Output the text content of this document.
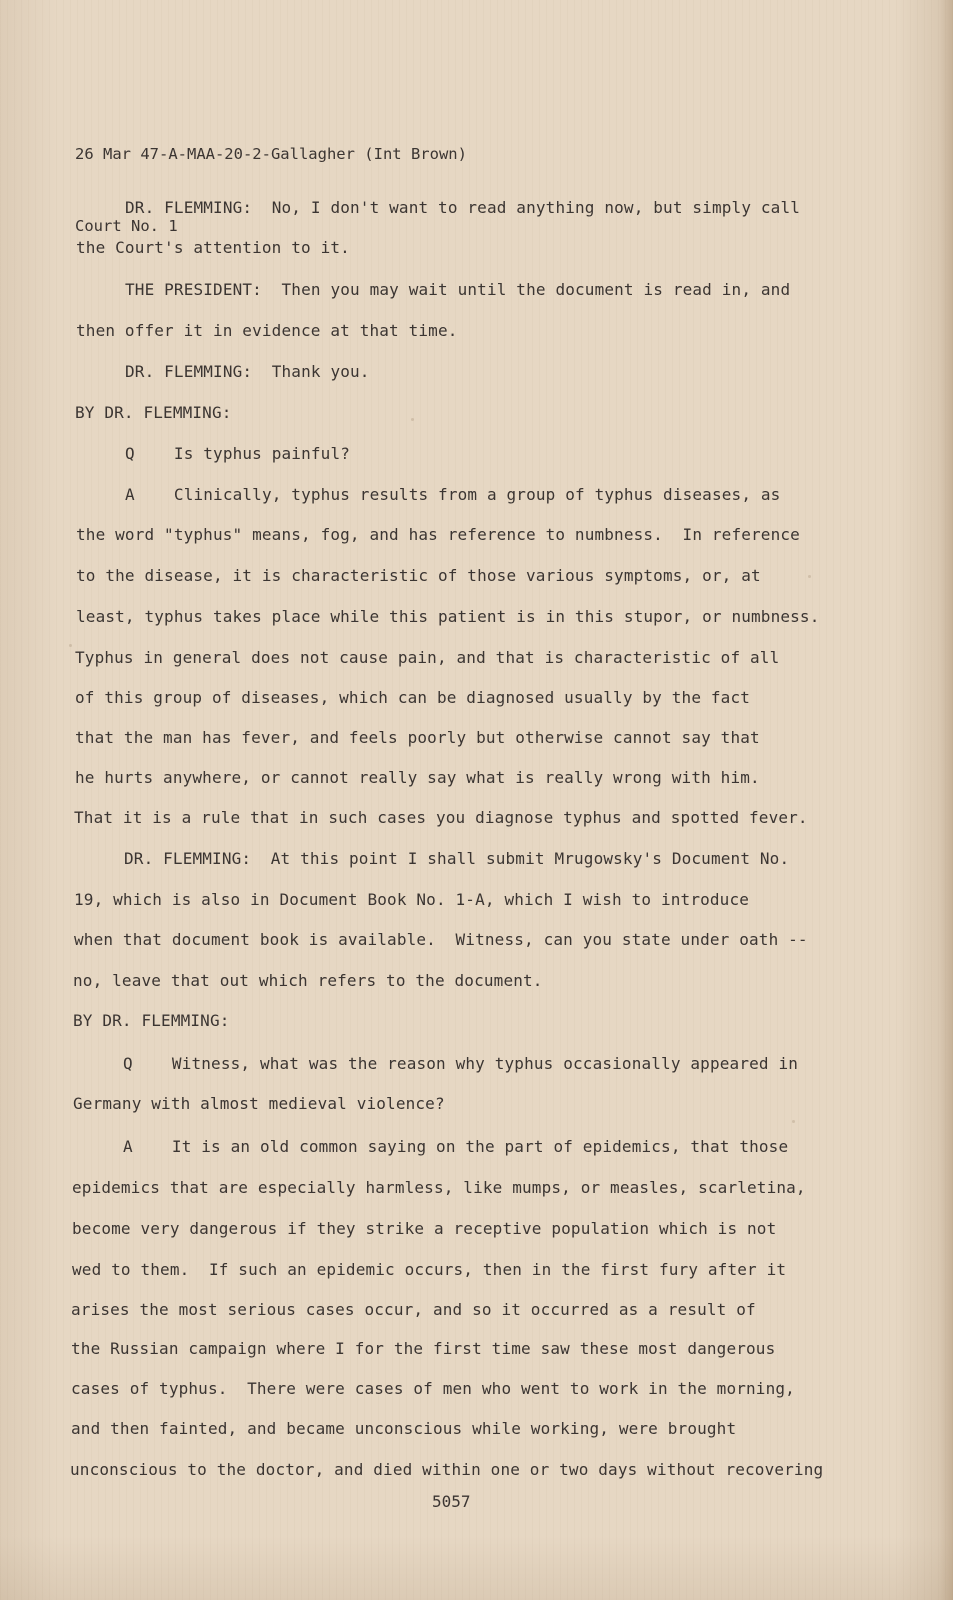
26 Mar 47-A-MAA-20-2-Gallagher (Int Brown)

Court No. 1

DR. FLEMMING:  No, I don't want to read anything now, but simply call
the Court's attention to it.
THE PRESIDENT:  Then you may wait until the document is read in, and
then offer it in evidence at that time.
DR. FLEMMING:  Thank you.
BY DR. FLEMMING:
Q    Is typhus painful?
A    Clinically, typhus results from a group of typhus diseases, as
the word "typhus" means, fog, and has reference to numbness.  In reference
to the disease, it is characteristic of those various symptoms, or, at
least, typhus takes place while this patient is in this stupor, or numbness.
Typhus in general does not cause pain, and that is characteristic of all
of this group of diseases, which can be diagnosed usually by the fact
that the man has fever, and feels poorly but otherwise cannot say that
he hurts anywhere, or cannot really say what is really wrong with him.
That it is a rule that in such cases you diagnose typhus and spotted fever.
DR. FLEMMING:  At this point I shall submit Mrugowsky's Document No.
19, which is also in Document Book No. 1-A, which I wish to introduce
when that document book is available.  Witness, can you state under oath --
no, leave that out which refers to the document.
BY DR. FLEMMING:
Q    Witness, what was the reason why typhus occasionally appeared in
Germany with almost medieval violence?
A    It is an old common saying on the part of epidemics, that those
epidemics that are especially harmless, like mumps, or measles, scarletina,
become very dangerous if they strike a receptive population which is not
wed to them.  If such an epidemic occurs, then in the first fury after it
arises the most serious cases occur, and so it occurred as a result of
the Russian campaign where I for the first time saw these most dangerous
cases of typhus.  There were cases of men who went to work in the morning,
and then fainted, and became unconscious while working, were brought
unconscious to the doctor, and died within one or two days without recovering
5057
